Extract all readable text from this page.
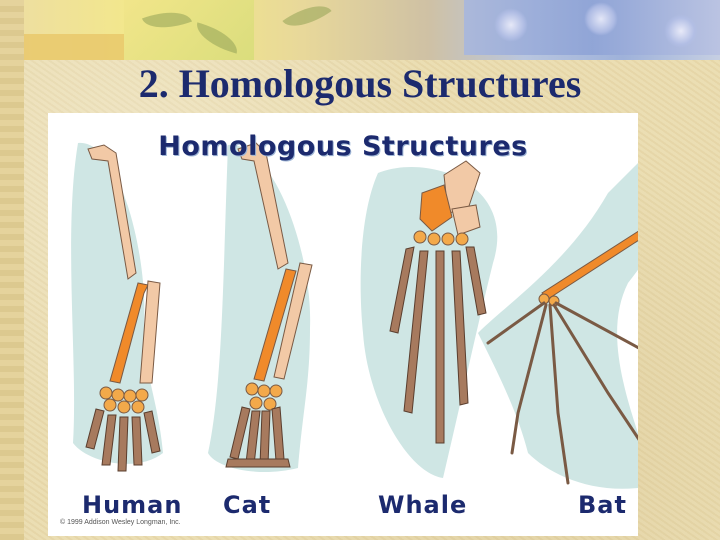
2. Homologous Structures
Homologous Structures
Human Cat	Whale	Bat
© 1999 Addison Wesley Longman, Inc.
